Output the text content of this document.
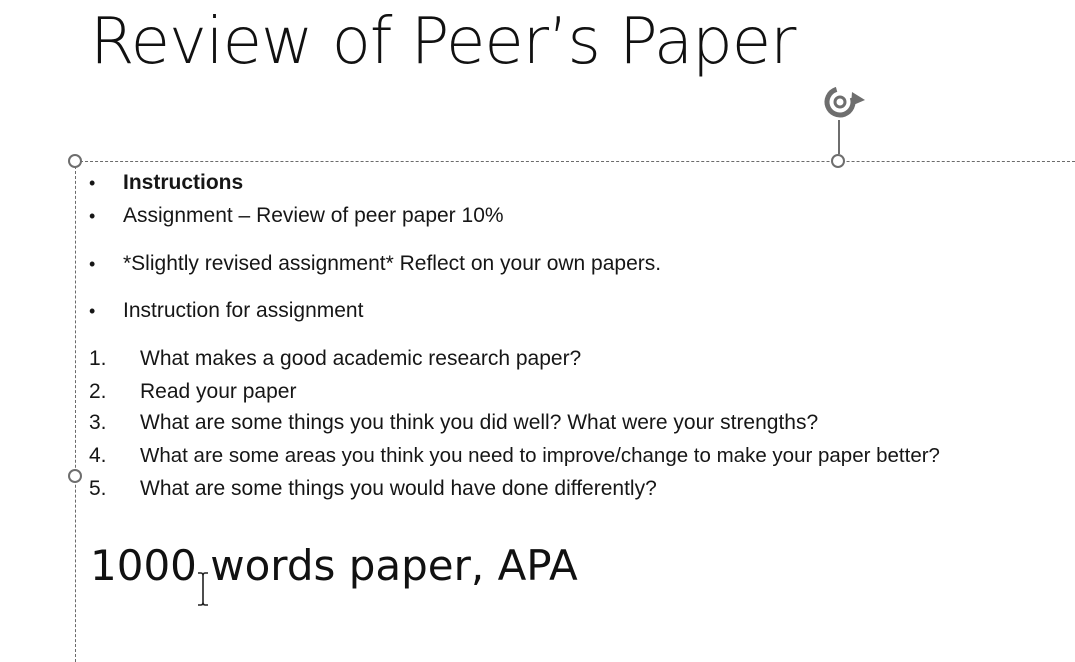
Review of Peer’s Paper
• Instructions
• Assignment – Review of peer paper 10%
• *Slightly revised assignment* Reflect on your own papers.
• Instruction for assignment
1. What makes a good academic research paper?
2. Read your paper
3. What are some things you think you did well? What were your strengths?
4. What are some areas you think you need to improve/change to make your paper better?
5. What are some things you would have done differently?
1000 words paper, APA
